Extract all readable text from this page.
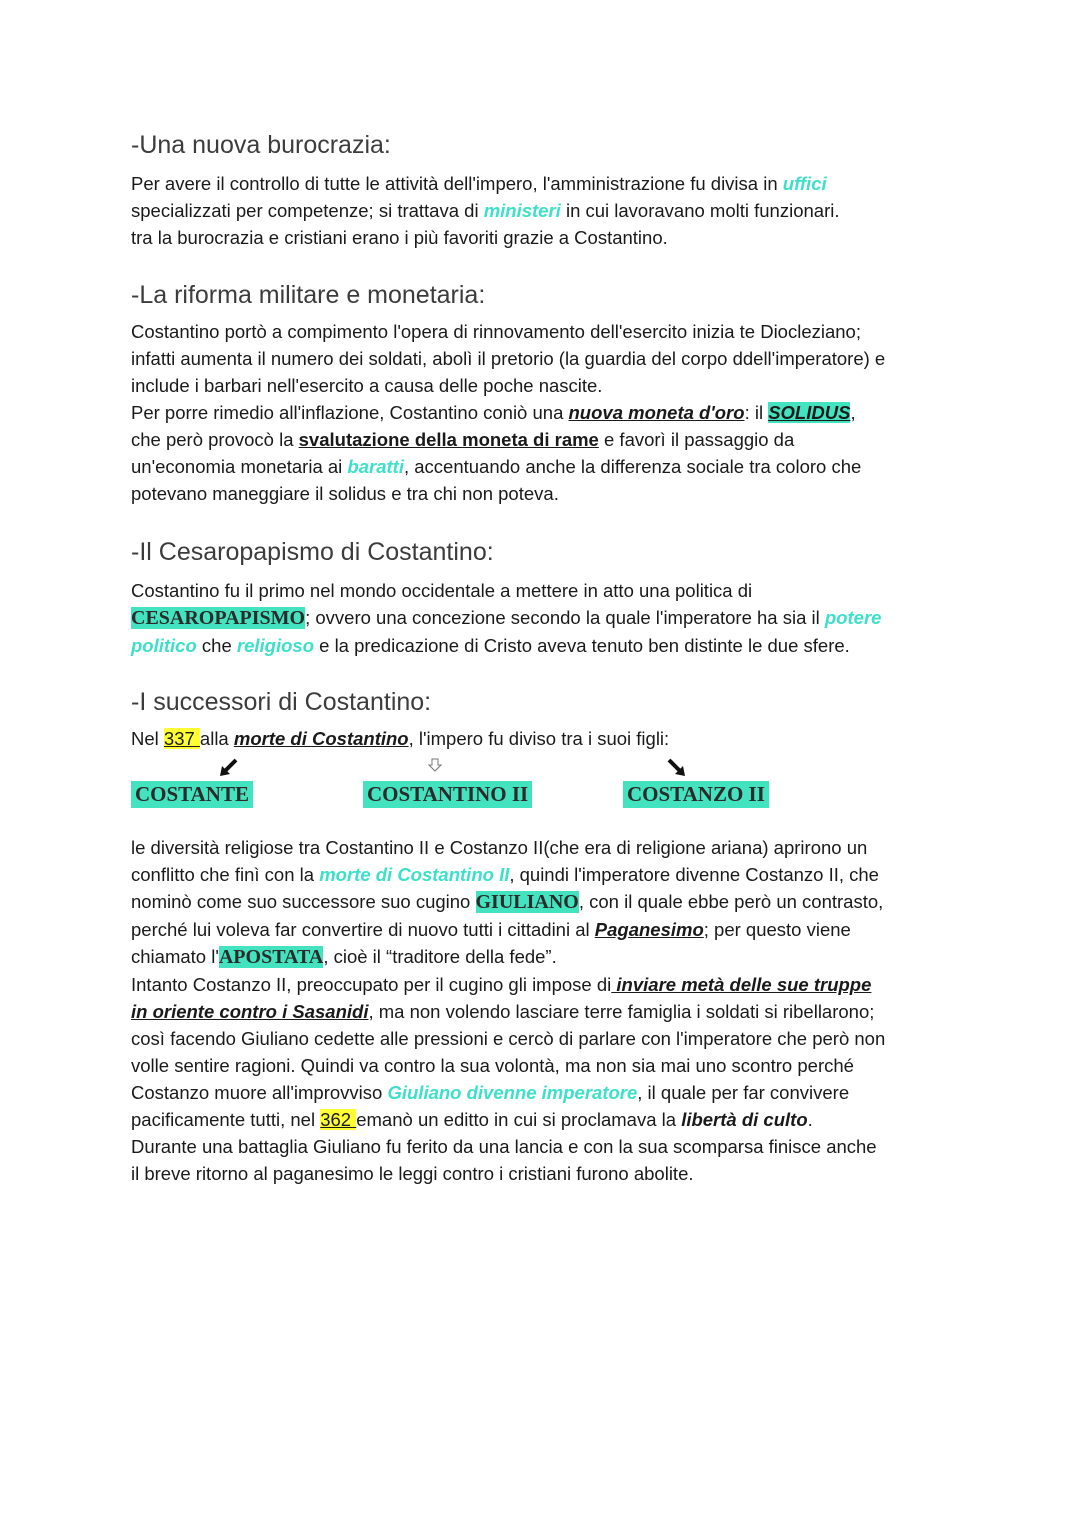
-Una nuova burocrazia:

Per avere il controllo di tutte le attività dell'impero, l'amministrazione fu divisa in uffici
specializzati per competenze; si trattava di ministeri in cui lavoravano molti funzionari.
tra la burocrazia e cristiani erano i più favoriti grazie a Costantino.

-La riforma militare e monetaria:

Costantino portò a compimento l'opera di rinnovamento dell'esercito inizia te Diocleziano;
infatti aumenta il numero dei soldati, abolì il pretorio (la guardia del corpo ddell'imperatore) e
include i barbari nell'esercito a causa delle poche nascite.
Per porre rimedio all'inflazione, Costantino coniò una nuova moneta d'oro: il SOLIDUS,
che però provocò la svalutazione della moneta di rame e favorì il passaggio da
un'economia monetaria ai baratti, accentuando anche la differenza sociale tra coloro che
potevano maneggiare il solidus e tra chi non poteva.

-Il Cesaropapismo di Costantino:

Costantino fu il primo nel mondo occidentale a mettere in atto una politica di
CESAROPAPISMO; ovvero una concezione secondo la quale l'imperatore ha sia il potere
politico che religioso e la predicazione di Cristo aveva tenuto ben distinte le due sfere.

-I successori di Costantino:

Nel 337 alla morte di Costantino, l'impero fu diviso tra i suoi figli:

COSTANTE	COSTANTINO II	COSTANZO II

le diversità religiose tra Costantino II e Costanzo II(che era di religione ariana) aprirono un
conflitto che finì con la morte di Costantino II, quindi l'imperatore divenne Costanzo II, che
nominò come suo successore suo cugino GIULIANO, con il quale ebbe però un contrasto,
perché lui voleva far convertire di nuovo tutti i cittadini al Paganesimo; per questo viene
chiamato l'APOSTATA, cioè il “traditore della fede”.
Intanto Costanzo II, preoccupato per il cugino gli impose di inviare metà delle sue truppe
in oriente contro i Sasanidi, ma non volendo lasciare terre famiglia i soldati si ribellarono;
così facendo Giuliano cedette alle pressioni e cercò di parlare con l'imperatore che però non
volle sentire ragioni. Quindi va contro la sua volontà, ma non sia mai uno scontro perché
Costanzo muore all'improvviso Giuliano divenne imperatore, il quale per far convivere
pacificamente tutti, nel 362 emanò un editto in cui si proclamava la libertà di culto.
Durante una battaglia Giuliano fu ferito da una lancia e con la sua scomparsa finisce anche
il breve ritorno al paganesimo le leggi contro i cristiani furono abolite.
